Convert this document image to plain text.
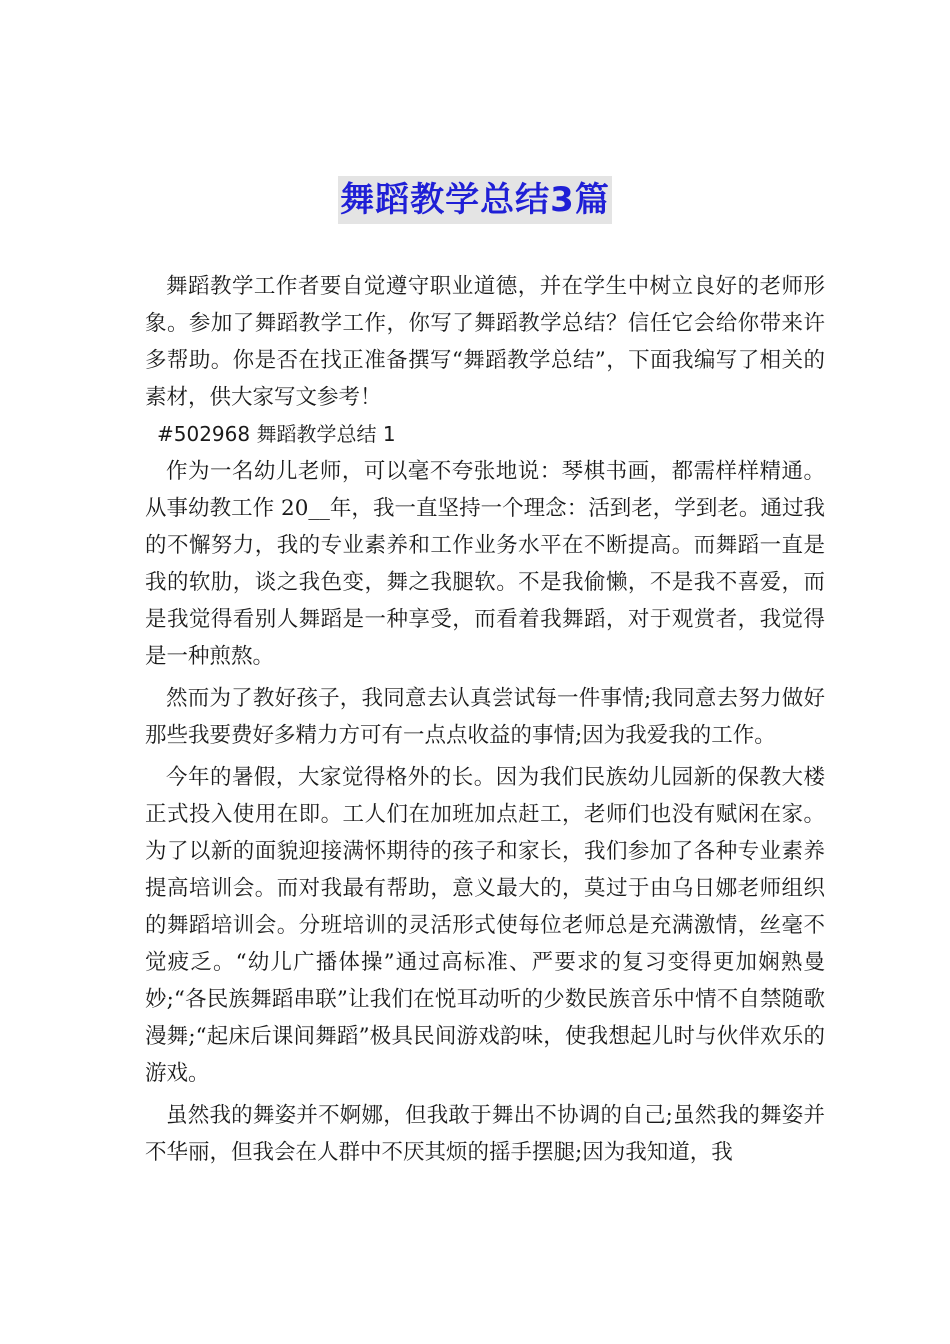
舞蹈教学总结3篇

舞蹈教学工作者要自觉遵守职业道德，并在学生中树立良好的老师形象。参加了舞蹈教学工作，你写了舞蹈教学总结？信任它会给你带来许多帮助。你是否在找正准备撰写“舞蹈教学总结”，下面我编写了相关的素材，供大家写文参考！

#502968 舞蹈教学总结 1

作为一名幼儿老师，可以毫不夸张地说：琴棋书画，都需样样精通。从事幼教工作 20__年，我一直坚持一个理念：活到老，学到老。通过我的不懈努力，我的专业素养和工作业务水平在不断提高。而舞蹈一直是我的软肋，谈之我色变，舞之我腿软。不是我偷懒，不是我不喜爱，而是我觉得看别人舞蹈是一种享受，而看着我舞蹈，对于观赏者，我觉得是一种煎熬。

然而为了教好孩子，我同意去认真尝试每一件事情;我同意去努力做好那些我要费好多精力方可有一点点收益的事情;因为我爱我的工作。

今年的暑假，大家觉得格外的长。因为我们民族幼儿园新的保教大楼正式投入使用在即。工人们在加班加点赶工，老师们也没有赋闲在家。为了以新的面貌迎接满怀期待的孩子和家长，我们参加了各种专业素养提高培训会。而对我最有帮助，意义最大的，莫过于由乌日娜老师组织的舞蹈培训会。分班培训的灵活形式使每位老师总是充满激情，丝毫不觉疲乏。“幼儿广播体操”通过高标准、严要求的复习变得更加娴熟曼妙;“各民族舞蹈串联”让我们在悦耳动听的少数民族音乐中情不自禁随歌漫舞;“起床后课间舞蹈”极具民间游戏韵味，使我想起儿时与伙伴欢乐的游戏。

虽然我的舞姿并不婀娜，但我敢于舞出不协调的自己;虽然我的舞姿并不华丽，但我会在人群中不厌其烦的摇手摆腿;因为我知道，我
